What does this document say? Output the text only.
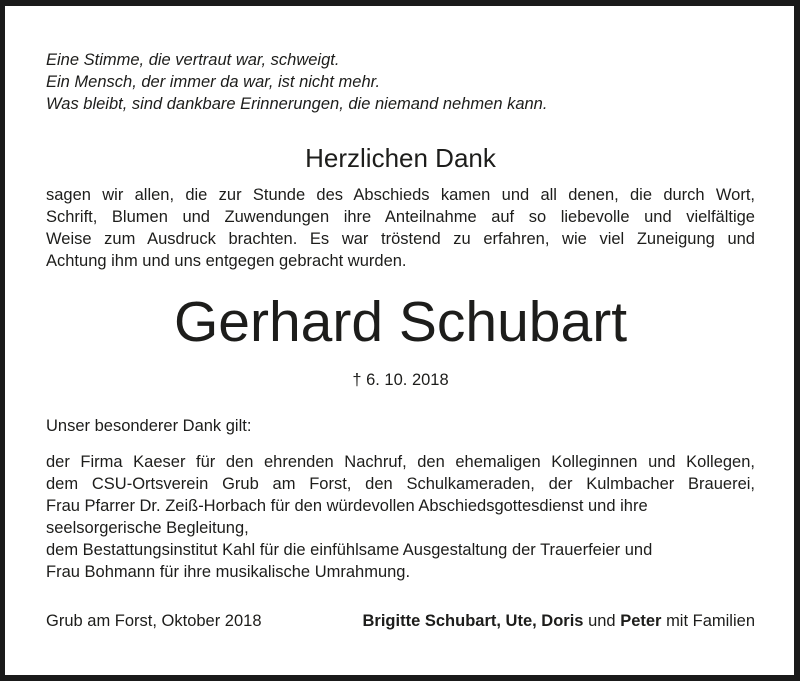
Eine Stimme, die vertraut war, schweigt.
Ein Mensch, der immer da war, ist nicht mehr.
Was bleibt, sind dankbare Erinnerungen, die niemand nehmen kann.
Herzlichen Dank
sagen wir allen, die zur Stunde des Abschieds kamen und all denen, die durch Wort,
Schrift, Blumen und Zuwendungen ihre Anteilnahme auf so liebevolle und vielfältige
Weise zum Ausdruck brachten. Es war tröstend zu erfahren, wie viel Zuneigung und
Achtung ihm und uns entgegen gebracht wurden.
Gerhard Schubart
† 6. 10. 2018
Unser besonderer Dank gilt:
der Firma Kaeser für den ehrenden Nachruf, den ehemaligen Kolleginnen und Kollegen,
dem CSU-Ortsverein Grub am Forst, den Schulkameraden, der Kulmbacher Brauerei,
Frau Pfarrer Dr. Zeiß-Horbach für den würdevollen Abschiedsgottesdienst und ihre
seelsorgerische Begleitung,
dem Bestattungsinstitut Kahl für die einfühlsame Ausgestaltung der Trauerfeier und
Frau Bohmann für ihre musikalische Umrahmung.
Grub am Forst, Oktober 2018	Brigitte Schubart, Ute, Doris und Peter mit Familien
